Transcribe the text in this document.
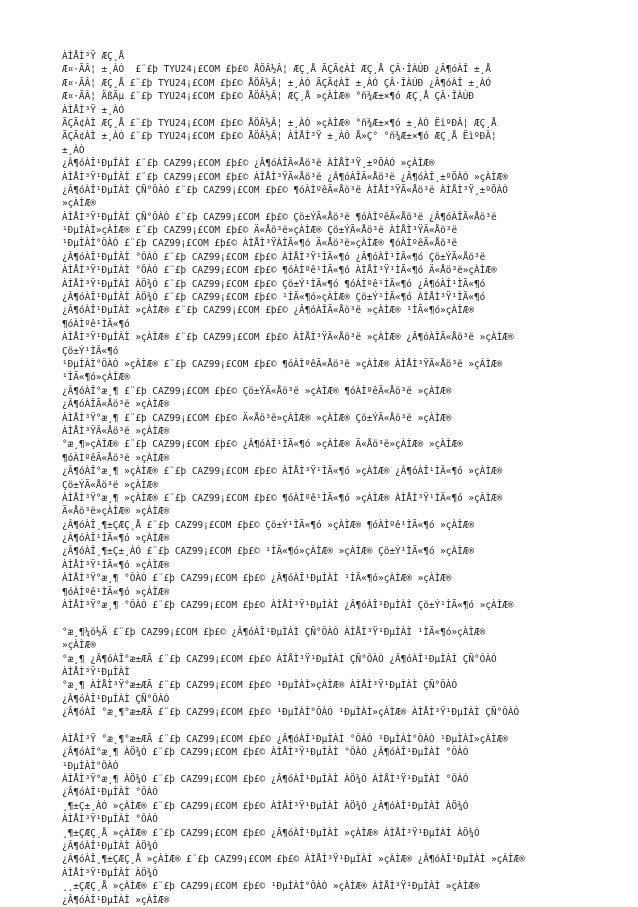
ÀÌÅÌ³Ÿ ÆÇ¸Å
Æ¤·ÃÂ¦ ±¸ÀÓ  £¨£þ TYU24¡£COM £þ£© ÅÖÂ½Â¦ ÆÇ¸Å ÃÇÃ¢ÀÌ ÆÇ¸Å ÇÂ·ÎÀÚÐ ¿Â¶óÀÎ ±¸Å
Æ¤·ÃÂ¦ ÆÇ¸Å £¨£þ TYU24¡£COM £þ£© ÅÖÂ½Â¦ ±¸ÀÓ ÃÇÃ¢ÀÌ ±¸ÀÓ ÇÂ·ÎÀÚÐ ¿Â¶óÀÎ ±¸ÀÓ
Æ¤·ÃÂ¦ ÄßÃµ £¨£þ TYU24¡£COM £þ£© ÅÖÂ½Â¦ ÆÇ¸Å »çÀÌÆ® °ñ¾Æ±×¶ó ÆÇ¸Å ÇÂ·ÎÀÚÐ
ÀÌÅÌ³Ÿ ±¸ÀÓ
ÃÇÃ¢ÀÌ ÆÇ¸Å £¨£þ TYU24¡£COM £þ£© ÅÖÂ½Â¦ ±¸ÀÓ »çÀÌÆ® °ñ¾Æ±×¶ó ±¸ÀÓ ËìºÐÂ¦ ÆÇ¸Å
ÃÇÃ¢ÀÌ ±¸ÀÓ £¨£þ TYU24¡£COM £þ£© ÅÖÂ½Â¦ ÀÌÅÌ³Ÿ ±¸ÀÓ Å»Ç° °ñ¾Æ±×¶ó ÆÇ¸Å ËìºÐÂ¦
±¸ÀÓ
¿Â¶óÀÎ¹ÐµÌÀÌ £¨£þ CAZ99¡£COM £þ£© ¿Â¶óÀÎÃ«Åö³ë ÀÌÅÌ³Ÿ¸±ºÕÀÓ »çÀÌÆ®
ÀÌÅÌ³Ÿ¹ÐµÌÀÌ £¨£þ CAZ99¡£COM £þ£© ÀÌÅÌ³ŸÃ«Åö³ë ¿Â¶óÀÎÃ«Åö³ë ¿Â¶óÀÎ¸±ºÕÀÓ »çÀÌÆ®
¿Â¶óÀÎ¹ÐµÌÀÌ ÇÑ°ÔÀÓ £¨£þ CAZ99¡£COM £þ£© ¶óÀÌºêÃ«Åö³ë ÀÌÅÌ³ŸÃ«Åö³ë ÀÌÅÌ³Ÿ¸±ºÕÀÓ
»çÀÌÆ®
ÀÌÅÌ³Ÿ¹ÐµÌÀÌ ÇÑ°ÔÀÓ £¨£þ CAZ99¡£COM £þ£© Çö±ÝÃ«Åö³ë ¶óÀÌºêÃ«Åö³ë ¿Â¶óÀÎÃ«Åö³ë
¹ÐµÌÀÌ»çÀÌÆ® £¨£þ CAZ99¡£COM £þ£© Ä«Åö³ë»çÀÌÆ® Çö±ÝÃ«Åö³ë ÀÌÅÌ³ŸÃ«Åö³ë
¹ÐµÌÀÌ°ÔÀÓ £¨£þ CAZ99¡£COM £þ£© ÀÌÅÌ³ŸÀÌÃ«¶ó Ä«Åö³ë»çÀÌÆ® ¶óÀÌºêÃ«Åö³ë
¿Â¶óÀÎ¹ÐµÌÀÌ °ÔÀÓ £¨£þ CAZ99¡£COM £þ£© ÀÌÅÌ³Ÿ¹ÌÃ«¶ó ¿Â¶óÀÎ¹ÌÃ«¶ó Çö±ÝÃ«Åö³ë
ÀÌÅÌ³Ÿ¹ÐµÌÀÌ °ÔÀÓ £¨£þ CAZ99¡£COM £þ£© ¶óÀÌºê¹ÌÃ«¶ó ÀÌÅÌ³Ÿ¹ÌÃ«¶ó Ä«Åö³ë»çÀÌÆ®
ÀÌÅÌ³Ÿ¹ÐµÌÀÌ ÀÖ¾Ó £¨£þ CAZ99¡£COM £þ£© Çö±Ý¹ÌÃ«¶ó ¶óÀÌºê¹ÌÃ«¶ó ¿Â¶óÀÎ¹ÌÃ«¶ó
¿Â¶óÀÎ¹ÐµÌÀÌ ÀÖ¾Ó £¨£þ CAZ99¡£COM £þ£© ¹ÌÃ«¶ó»çÀÌÆ® Çö±Ý¹ÌÃ«¶ó ÀÌÅÌ³Ÿ¹ÌÃ«¶ó
¿Â¶óÀÎ¹ÐµÌÀÌ »çÀÌÆ® £¨£þ CAZ99¡£COM £þ£© ¿Â¶óÀÎÃ«Åö³ë »çÀÌÆ® ¹ÌÃ«¶ó»çÀÌÆ®
¶óÀÌºê¹ÌÃ«¶ó
ÀÌÅÌ³Ÿ¹ÐµÌÀÌ »çÀÌÆ® £¨£þ CAZ99¡£COM £þ£© ÀÌÅÌ³ŸÃ«Åö³ë »çÀÌÆ® ¿Â¶óÀÎÃ«Åö³ë »çÀÌÆ®
Çö±Ý¹ÌÃ«¶ó
¹ÐµÌÀÌ°ÔÀÓ »çÀÌÆ® £¨£þ CAZ99¡£COM £þ£© ¶óÀÌºêÃ«Åö³ë »çÀÌÆ® ÀÌÅÌ³ŸÃ«Åö³ë »çÀÌÆ®
¹ÌÃ«¶ó»çÀÌÆ®
¿Â¶óÀÎ°æ¸¶ £¨£þ CAZ99¡£COM £þ£© Çö±ÝÃ«Åö³ë »çÀÌÆ® ¶óÀÌºêÃ«Åö³ë »çÀÌÆ®
¿Â¶óÀÎÃ«Åö³ë »çÀÌÆ®
ÀÌÅÌ³Ÿ°æ¸¶ £¨£þ CAZ99¡£COM £þ£© Ä«Åö³ë»çÀÌÆ® »çÀÌÆ® Çö±ÝÃ«Åö³ë »çÀÌÆ®
ÀÌÅÌ³ŸÃ«Åö³ë »çÀÌÆ®
°æ¸¶»çÀÌÆ® £¨£þ CAZ99¡£COM £þ£© ¿Â¶óÀÎ¹ÌÃ«¶ó »çÀÌÆ® Ä«Åö³ë»çÀÌÆ® »çÀÌÆ®
¶óÀÌºêÃ«Åö³ë »çÀÌÆ®
¿Â¶óÀÎ°æ¸¶ »çÀÌÆ® £¨£þ CAZ99¡£COM £þ£© ÀÌÅÌ³Ÿ¹ÌÃ«¶ó »çÀÌÆ® ¿Â¶óÀÎ¹ÌÃ«¶ó »çÀÌÆ®
Çö±ÝÃ«Åö³ë »çÀÌÆ®
ÀÌÅÌ³Ÿ°æ¸¶ »çÀÌÆ® £¨£þ CAZ99¡£COM £þ£© ¶óÀÌºê¹ÌÃ«¶ó »çÀÌÆ® ÀÌÅÌ³Ÿ¹ÌÃ«¶ó »çÀÌÆ®
Ä«Åö³ë»çÀÌÆ® »çÀÌÆ®
¿Â¶óÀÎ¸¶±ÇÆÇ¸Å £¨£þ CAZ99¡£COM £þ£© Çö±Ý¹ÌÃ«¶ó »çÀÌÆ® ¶óÀÌºê¹ÌÃ«¶ó »çÀÌÆ®
¿Â¶óÀÎ¹ÌÃ«¶ó »çÀÌÆ®
¿Â¶óÀÎ¸¶±Ç±¸ÀÓ £¨£þ CAZ99¡£COM £þ£© ¹ÌÃ«¶ó»çÀÌÆ® »çÀÌÆ® Çö±Ý¹ÌÃ«¶ó »çÀÌÆ®
ÀÌÅÌ³Ÿ¹ÌÃ«¶ó »çÀÌÆ®
ÀÌÅÌ³Ÿ°æ¸¶ °ÔÀÓ £¨£þ CAZ99¡£COM £þ£© ¿Â¶óÀÎ¹ÐµÌÀÌ ¹ÌÃ«¶ó»çÀÌÆ® »çÀÌÆ®
¶óÀÌºê¹ÌÃ«¶ó »çÀÌÆ®
ÀÌÅÌ³Ÿ°æ¸¶ °ÔÀÓ £¨£þ CAZ99¡£COM £þ£© ÀÌÅÌ³Ÿ¹ÐµÌÀÌ ¿Â¶óÀÎ¹ÐµÌÀÌ Çö±Ý¹ÌÃ«¶ó »çÀÌÆ®
°æ¸¶¼ö½Ä £¨£þ CAZ99¡£COM £þ£© ¿Â¶óÀÎ¹ÐµÌÀÌ ÇÑ°ÔÀÓ ÀÌÅÌ³Ÿ¹ÐµÌÀÌ ¹ÌÃ«¶ó»çÀÌÆ®
»çÀÌÆ®
°æ¸¶ ¿Â¶óÀÎ°æ±ÆÃ £¨£þ CAZ99¡£COM £þ£© ÀÌÅÌ³Ÿ¹ÐµÌÀÌ ÇÑ°ÔÀÓ ¿Â¶óÀÎ¹ÐµÌÀÌ ÇÑ°ÔÀÓ
ÀÌÅÌ³Ÿ¹ÐµÌÀÌ
°æ¸¶ ÀÌÅÌ³Ÿ°æ±ÆÃ £¨£þ CAZ99¡£COM £þ£© ¹ÐµÌÀÌ»çÀÌÆ® ÀÌÅÌ³Ÿ¹ÐµÌÀÌ ÇÑ°ÔÀÓ
¿Â¶óÀÎ¹ÐµÌÀÌ ÇÑ°ÔÀÓ
¿Â¶óÀÎ °æ¸¶°æ±ÆÃ £¨£þ CAZ99¡£COM £þ£© ¹ÐµÌÀÌ°ÔÀÓ ¹ÐµÌÀÌ»çÀÌÆ® ÀÌÅÌ³Ÿ¹ÐµÌÀÌ ÇÑ°ÔÀÓ
ÀÌÅÌ³Ÿ °æ¸¶°æ±ÆÃ £¨£þ CAZ99¡£COM £þ£© ¿Â¶óÀÎ¹ÐµÌÀÌ °ÔÀÓ ¹ÐµÌÀÌ°ÔÀÓ ¹ÐµÌÀÌ»çÀÌÆ®
¿Â¶óÀÎ°æ¸¶ ÀÖ¾Ó £¨£þ CAZ99¡£COM £þ£© ÀÌÅÌ³Ÿ¹ÐµÌÀÌ °ÔÀÓ ¿Â¶óÀÎ¹ÐµÌÀÌ °ÔÀÓ
¹ÐµÌÀÌ°ÔÀÓ
ÀÌÅÌ³Ÿ°æ¸¶ ÀÖ¾Ó £¨£þ CAZ99¡£COM £þ£© ¿Â¶óÀÎ¹ÐµÌÀÌ ÀÖ¾Ó ÀÌÅÌ³Ÿ¹ÐµÌÀÌ °ÔÀÓ
¿Â¶óÀÎ¹ÐµÌÀÌ °ÔÀÓ
¸¶±Ç±¸ÀÓ »çÀÌÆ® £¨£þ CAZ99¡£COM £þ£© ÀÌÅÌ³Ÿ¹ÐµÌÀÌ ÀÖ¾Ó ¿Â¶óÀÎ¹ÐµÌÀÌ ÀÖ¾Ó
ÀÌÅÌ³Ÿ¹ÐµÌÀÌ °ÔÀÓ
¸¶±ÇÆÇ¸Å »çÀÌÆ® £¨£þ CAZ99¡£COM £þ£© ¿Â¶óÀÎ¹ÐµÌÀÌ »çÀÌÆ® ÀÌÅÌ³Ÿ¹ÐµÌÀÌ ÀÖ¾Ó
¿Â¶óÀÎ¹ÐµÌÀÌ ÀÖ¾Ó
¿Â¶óÀÎ¸¶±ÇÆÇ¸Å »çÀÌÆ® £¨£þ CAZ99¡£COM £þ£© ÀÌÅÌ³Ÿ¹ÐµÌÀÌ »çÀÌÆ® ¿Â¶óÀÎ¹ÐµÌÀÌ »çÀÌÆ®
ÀÌÅÌ³Ÿ¹ÐµÌÀÌ ÀÖ¾Ó
¸¸±ÇÆÇ¸Å »çÀÌÆ® £¨£þ CAZ99¡£COM £þ£© ¹ÐµÌÀÌ°ÔÀÓ »çÀÌÆ® ÀÌÅÌ³Ÿ¹ÐµÌÀÌ »çÀÌÆ®
¿Â¶óÀÎ¹ÐµÌÀÌ »çÀÌÆ®
